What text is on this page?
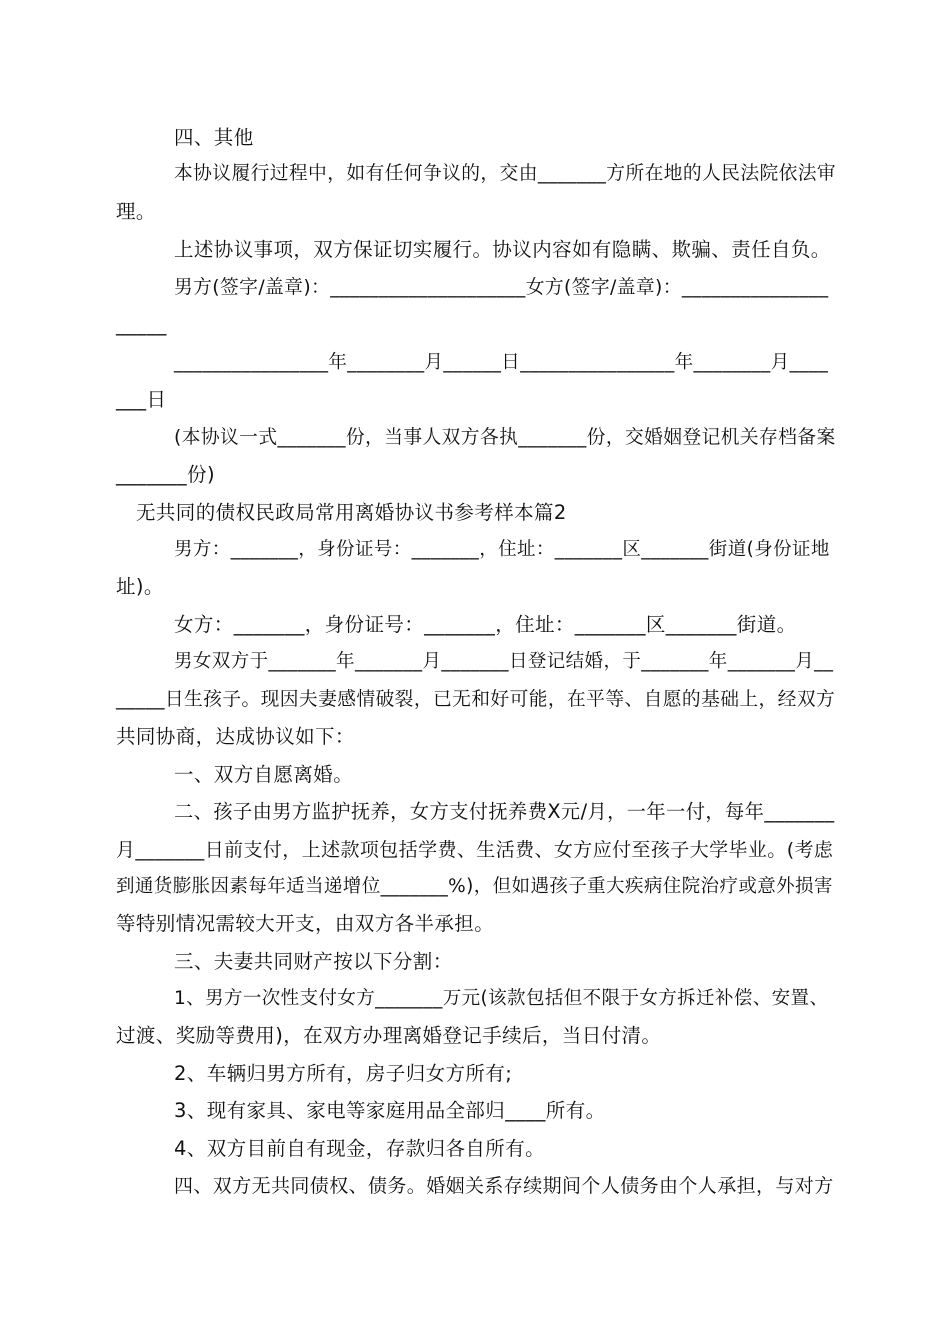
四、其他
本协议履行过程中，如有任何争议的，交由_______方所在地的人民法院依法审
理。
上述协议事项，双方保证切实履行。协议内容如有隐瞒、欺骗、责任自负。
男方(签字/盖章)：____________________女方(签字/盖章)：_______________
_____
________________年________月______日________________年________月____
___日
(本协议一式_______份，当事人双方各执_______份，交婚姻登记机关存档备案
_______份)
无共同的债权民政局常用离婚协议书参考样本篇2
男方：_______，身份证号：_______，住址：_______区_______街道(身份证地
址)。
女方：_______，身份证号：_______，住址：_______区_______街道。
男女双方于_______年_______月_______日登记结婚，于_______年_______月__
_____日生孩子。现因夫妻感情破裂，已无和好可能，在平等、自愿的基础上，经双方
共同协商，达成协议如下：
一、双方自愿离婚。
二、孩子由男方监护抚养，女方支付抚养费X元/月，一年一付，每年_______
月_______日前支付，上述款项包括学费、生活费、女方应付至孩子大学毕业。(考虑
到通货膨胀因素每年适当递增位_______%)，但如遇孩子重大疾病住院治疗或意外损害
等特别情况需较大开支，由双方各半承担。
三、夫妻共同财产按以下分割：
1、男方一次性支付女方_______万元(该款包括但不限于女方拆迁补偿、安置、
过渡、奖励等费用)，在双方办理离婚登记手续后，当日付清。
2、车辆归男方所有，房子归女方所有;
3、现有家具、家电等家庭用品全部归____所有。
4、双方目前自有现金，存款归各自所有。
四、双方无共同债权、债务。婚姻关系存续期间个人债务由个人承担，与对方
